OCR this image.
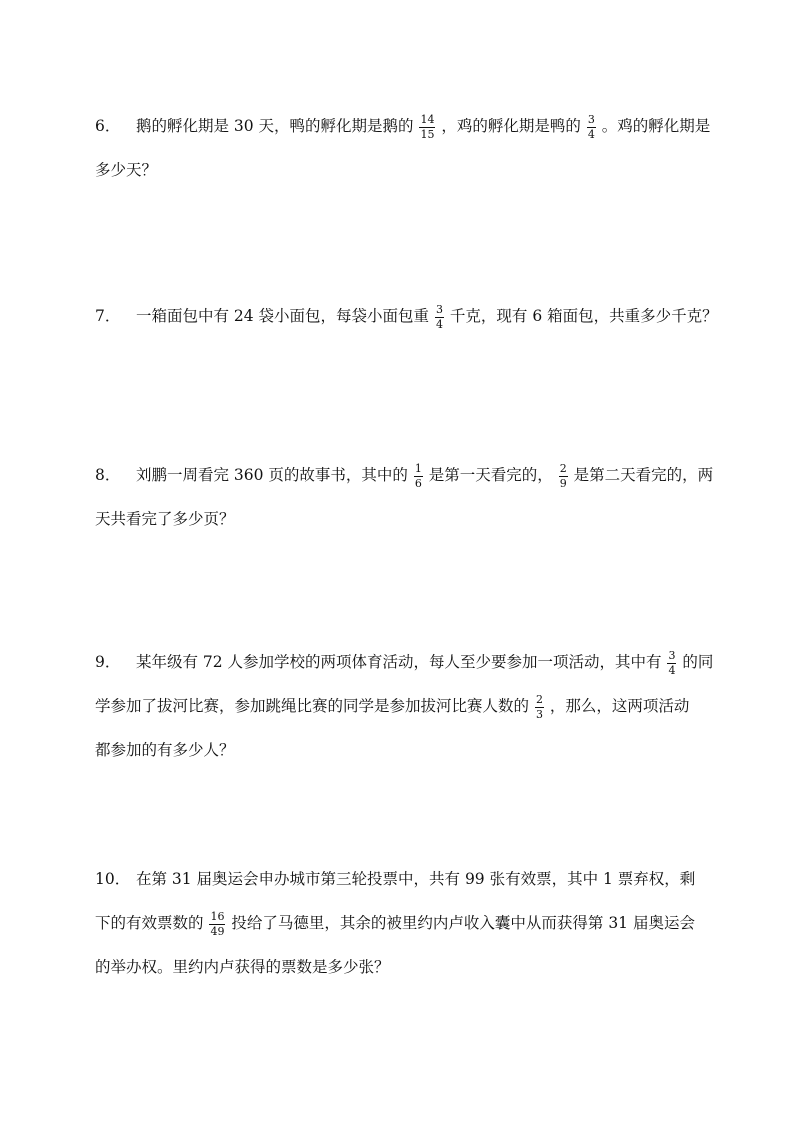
6． 鹅的孵化期是 30 天，鸭的孵化期是鹅的 $\frac{14}{15}$ ，鸡的孵化期是鸭的 $\frac{3}{4}$ 。鸡的孵化期是
多少天？
7． 一箱面包中有 24 袋小面包，每袋小面包重 $\frac{3}{4}$ 千克，现有 6 箱面包，共重多少千克？
8． 刘鹏一周看完 360 页的故事书，其中的 $\frac{1}{6}$ 是第一天看完的， $\frac{2}{9}$ 是第二天看完的，两
天共看完了多少页？
9． 某年级有 72 人参加学校的两项体育活动，每人至少要参加一项活动，其中有 $\frac{3}{4}$ 的同
学参加了拔河比赛，参加跳绳比赛的同学是参加拔河比赛人数的 $\frac{2}{3}$ ，那么，这两项活动
都参加的有多少人？
10． 在第 31 届奥运会申办城市第三轮投票中，共有 99 张有效票，其中 1 票弃权，剩
下的有效票数的 $\frac{16}{49}$ 投给了马德里，其余的被里约内卢收入囊中从而获得第 31 届奥运会
的举办权。里约内卢获得的票数是多少张？
